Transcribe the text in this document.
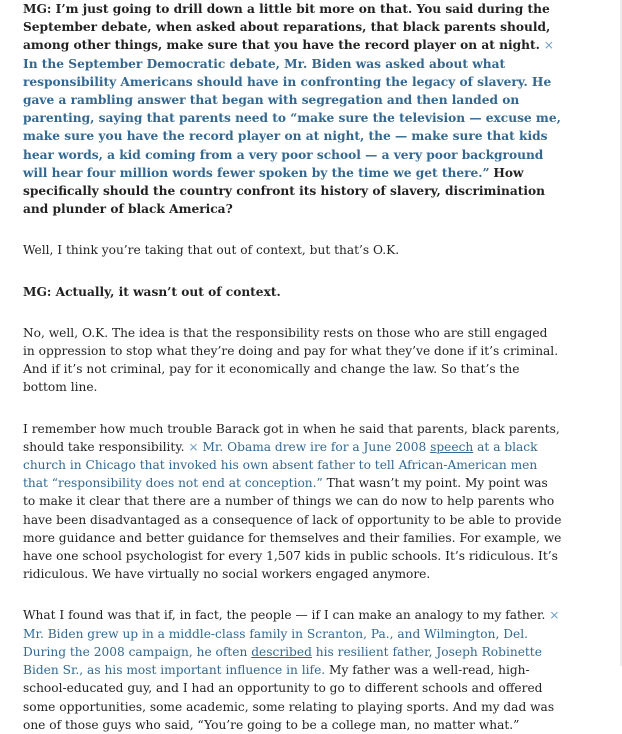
MG: I’m just going to drill down a little bit more on that. You said during the September debate, when asked about reparations, that black parents should, among other things, make sure that you have the record player on at night. × In the September Democratic debate, Mr. Biden was asked about what responsibility Americans should have in confronting the legacy of slavery. He gave a rambling answer that began with segregation and then landed on parenting, saying that parents need to “make sure the television — excuse me, make sure you have the record player on at night, the — make sure that kids hear words, a kid coming from a very poor school — a very poor background will hear four million words fewer spoken by the time we get there.” How specifically should the country confront its history of slavery, discrimination and plunder of black America?

Well, I think you’re taking that out of context, but that’s O.K.

MG: Actually, it wasn’t out of context.

No, well, O.K. The idea is that the responsibility rests on those who are still engaged in oppression to stop what they’re doing and pay for what they’ve done if it’s criminal. And if it’s not criminal, pay for it economically and change the law. So that’s the bottom line.

I remember how much trouble Barack got in when he said that parents, black parents, should take responsibility. × Mr. Obama drew ire for a June 2008 speech at a black church in Chicago that invoked his own absent father to tell African-American men that “responsibility does not end at conception.” That wasn’t my point. My point was to make it clear that there are a number of things we can do now to help parents who have been disadvantaged as a consequence of lack of opportunity to be able to provide more guidance and better guidance for themselves and their families. For example, we have one school psychologist for every 1,507 kids in public schools. It’s ridiculous. It’s ridiculous. We have virtually no social workers engaged anymore.

What I found was that if, in fact, the people — if I can make an analogy to my father. × Mr. Biden grew up in a middle-class family in Scranton, Pa., and Wilmington, Del. During the 2008 campaign, he often described his resilient father, Joseph Robinette Biden Sr., as his most important influence in life. My father was a well-read, high-school-educated guy, and I had an opportunity to go to different schools and offered some opportunities, some academic, some relating to playing sports. And my dad was one of those guys who said, “You’re going to be a college man, no matter what.”
